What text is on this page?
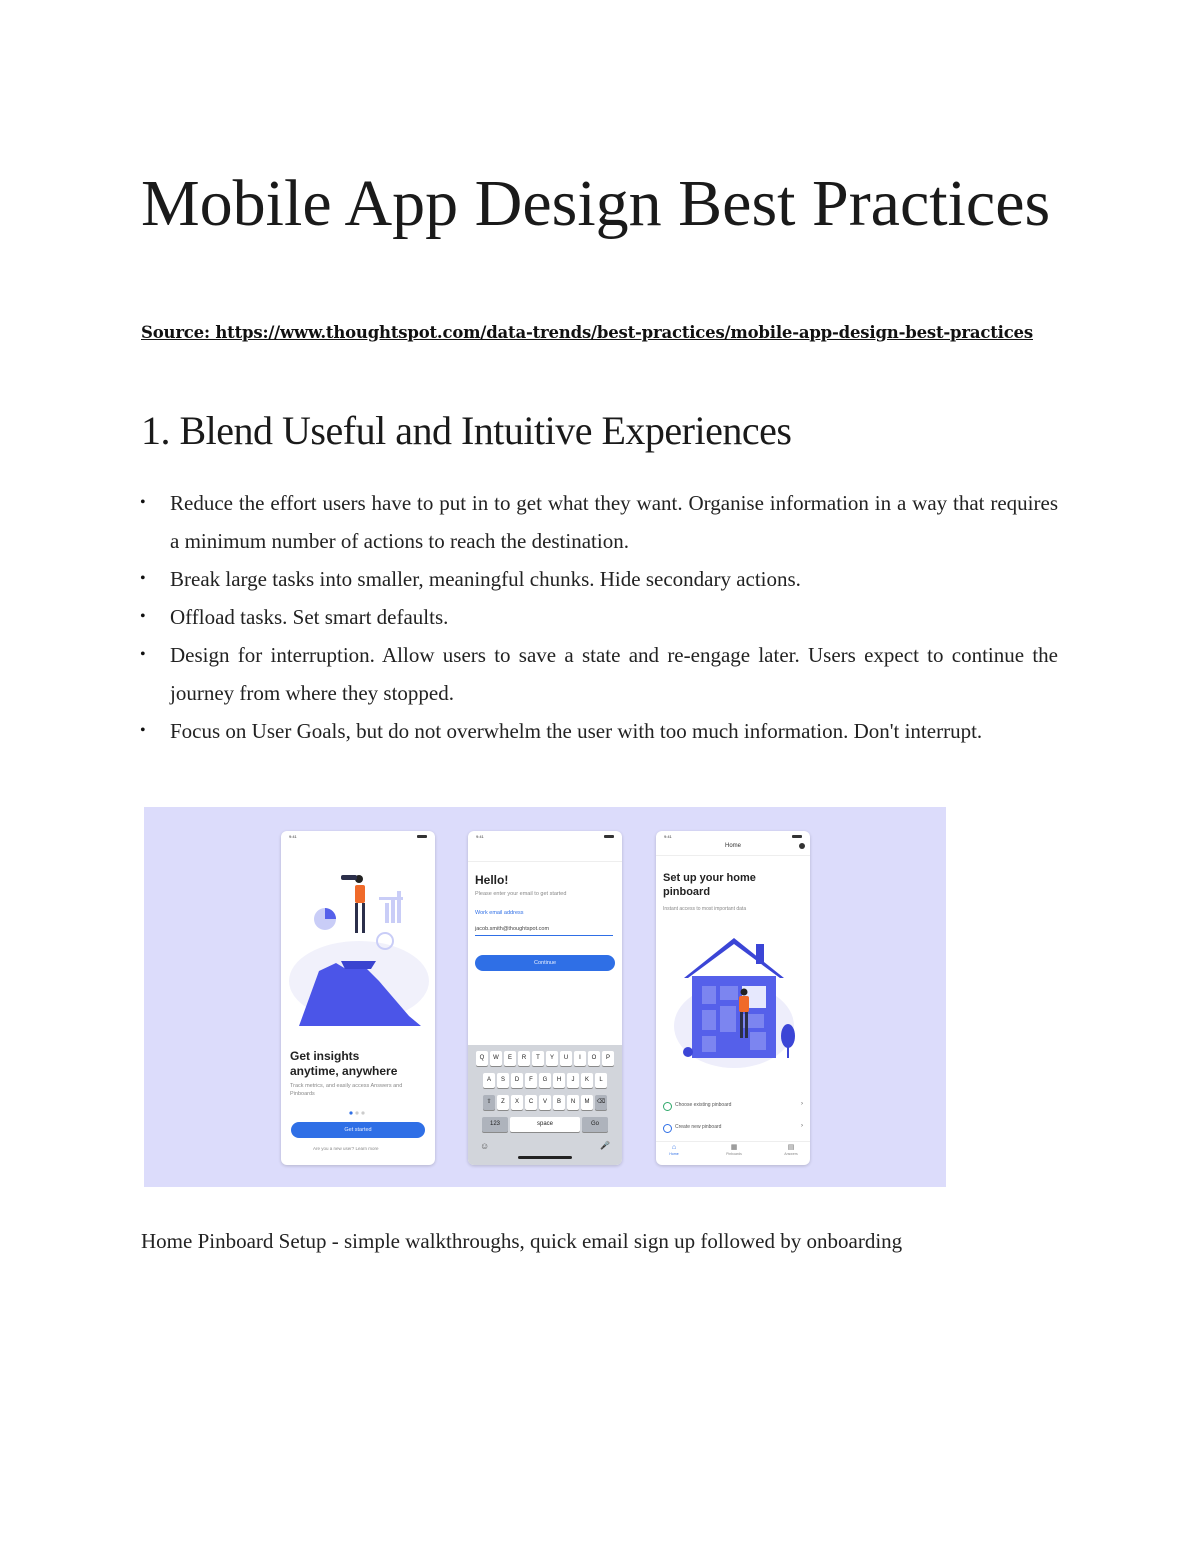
Mobile App Design Best Practices

Source: https://www.thoughtspot.com/data-trends/best-practices/mobile-app-design-best-practices

1. Blend Useful and Intuitive Experiences
• Reduce the effort users have to put in to get what they want. Organise information in a way that requires a minimum number of actions to reach the destination.
• Break large tasks into smaller, meaningful chunks. Hide secondary actions.
• Offload tasks. Set smart defaults.
• Design for interruption. Allow users to save a state and re-engage later. Users expect to continue the journey from where they stopped.
• Focus on User Goals, but do not overwhelm the user with too much information. Don't interrupt.
9:41
Get insights
anytime, anywhere
Track metrics, and easily access Answers and Pinboards
Get started
Are you a new user? Learn more
9:41
Hello!
Please enter your email to get started
Work email address
jacob.smith@thoughtspot.com
Continue
Q	W	E	R	T	Y	U	I	O	P
A	S	D	F	G	H	J	K	L
⇧	Z	X	C	V	B	N	M	⌫
123	space	Go
☺	🎤
9:41
Home
Set up your home
pinboard
Instant access to most important data
Choose existing pinboard	›
Create new pinboard	›
⌂
Home
▦
Pinboards
▤
Answers

Home Pinboard Setup - simple walkthroughs, quick email sign up followed by onboarding
